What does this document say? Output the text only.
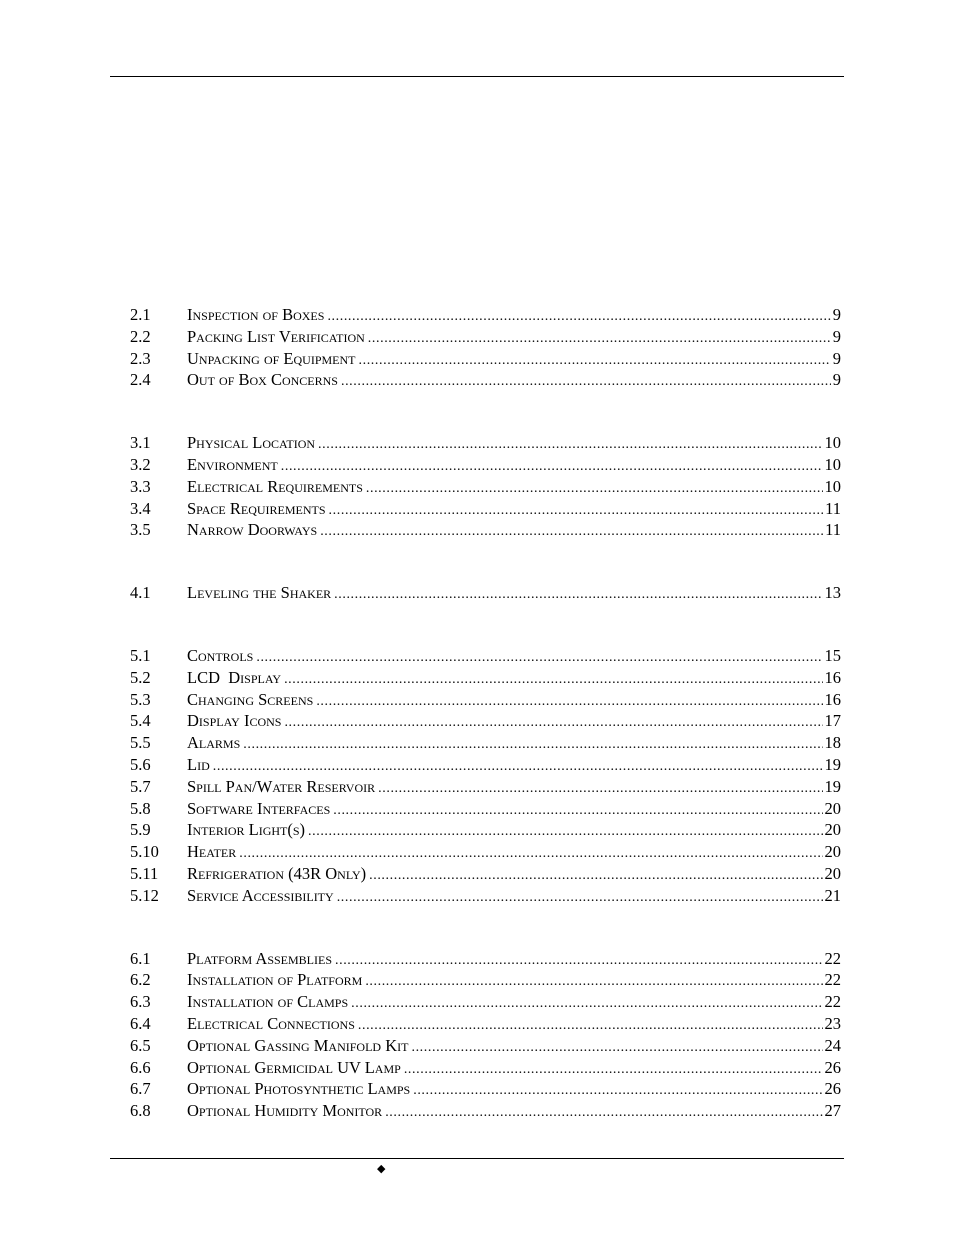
2.1	Inspection of Boxes .....	9
2.2	Packing List Verification .....	9
2.3	Unpacking of Equipment .....	9
2.4	Out of Box Concerns .....	9
3.1	Physical Location .....	10
3.2	Environment .....	10
3.3	Electrical Requirements .....	10
3.4	Space Requirements .....	11
3.5	Narrow Doorways .....	11
4.1	Leveling the Shaker .....	13
5.1	Controls .....	15
5.2	LCD  Display .....	16
5.3	Changing Screens .....	16
5.4	Display Icons .....	17
5.5	Alarms .....	18
5.6	Lid .....	19
5.7	Spill Pan/Water Reservoir .....	19
5.8	Software Interfaces .....	20
5.9	Interior Light(s) .....	20
5.10	Heater .....	20
5.11	Refrigeration (43R Only) .....	20
5.12	Service Accessibility .....	21
6.1	Platform Assemblies .....	22
6.2	Installation of Platform .....	22
6.3	Installation of Clamps .....	22
6.4	Electrical Connections .....	23
6.5	Optional Gassing Manifold Kit .....	24
6.6	Optional Germicidal UV Lamp .....	26
6.7	Optional Photosynthetic Lamps .....	26
6.8	Optional Humidity Monitor .....	27
◆
